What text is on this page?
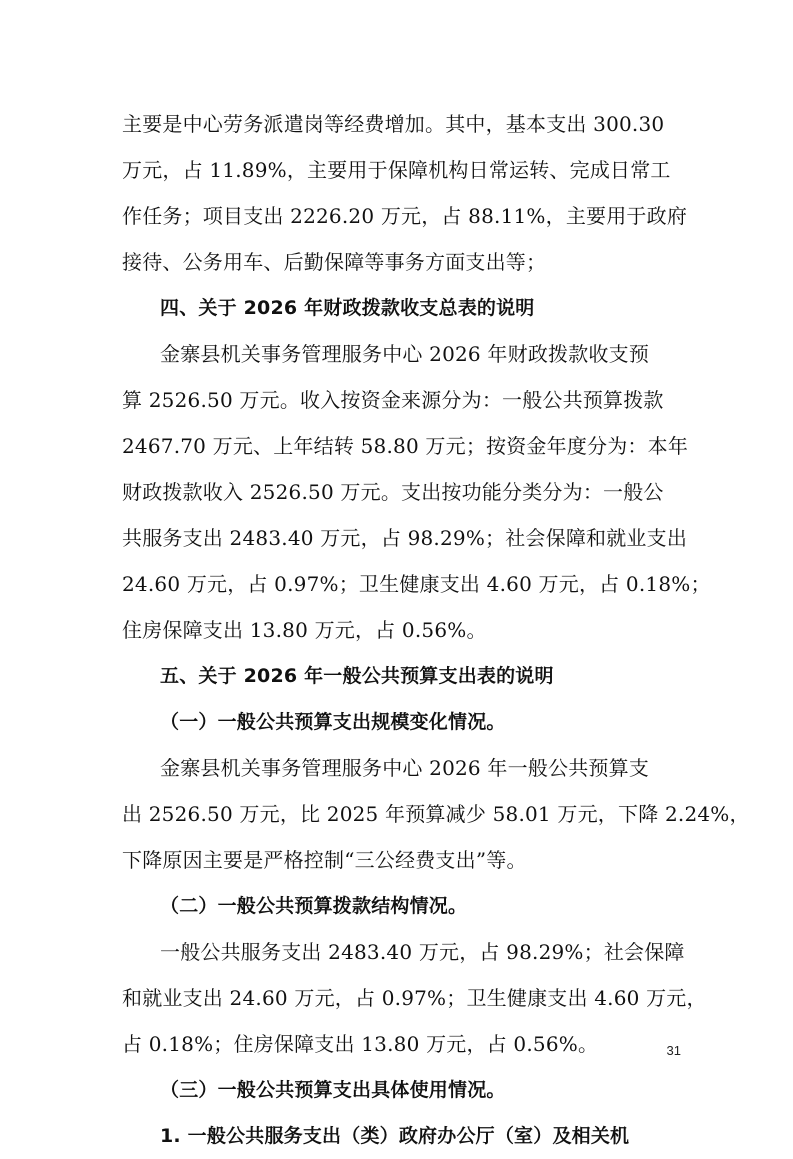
主要是中心劳务派遣岗等经费增加。其中，基本支出 300.30
万元，占 11.89%，主要用于保障机构日常运转、完成日常工
作任务；项目支出 2226.20 万元，占 88.11%，主要用于政府
接待、公务用车、后勤保障等事务方面支出等；
四、关于 2026 年财政拨款收支总表的说明
金寨县机关事务管理服务中心 2026 年财政拨款收支预
算 2526.50 万元。收入按资金来源分为：一般公共预算拨款
2467.70 万元、上年结转 58.80 万元；按资金年度分为：本年
财政拨款收入 2526.50 万元。支出按功能分类分为：一般公
共服务支出 2483.40 万元，占 98.29%；社会保障和就业支出
24.60 万元，占 0.97%；卫生健康支出 4.60 万元，占 0.18%；
住房保障支出 13.80 万元，占 0.56%。
五、关于 2026 年一般公共预算支出表的说明
（一）一般公共预算支出规模变化情况。
金寨县机关事务管理服务中心 2026 年一般公共预算支
出 2526.50 万元，比 2025 年预算减少 58.01 万元，下降 2.24%，
下降原因主要是严格控制“三公经费支出”等。
（二）一般公共预算拨款结构情况。
一般公共服务支出 2483.40 万元，占 98.29%；社会保障
和就业支出 24.60 万元，占 0.97%；卫生健康支出 4.60 万元，
占 0.18%；住房保障支出 13.80 万元，占 0.56%。
（三）一般公共预算支出具体使用情况。
1. 一般公共服务支出（类）政府办公厅（室）及相关机
31
